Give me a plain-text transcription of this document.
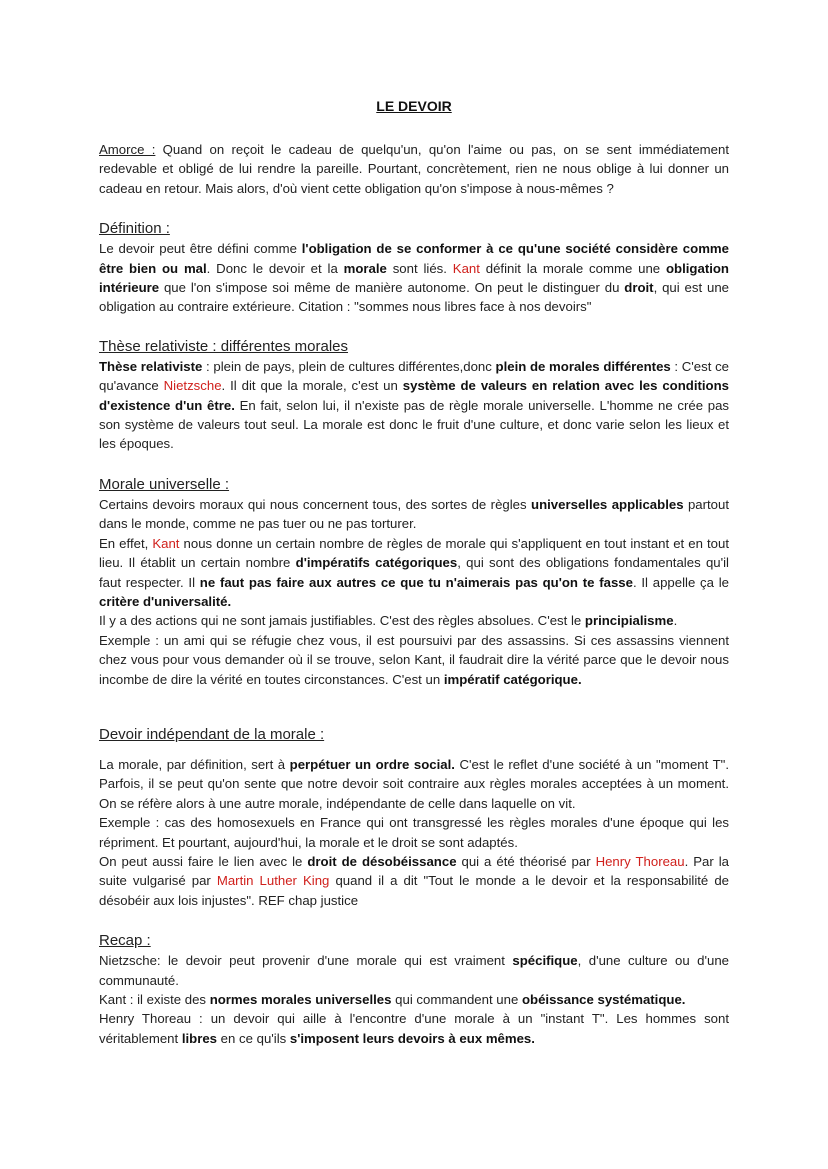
LE DEVOIR

Amorce : Quand on reçoit le cadeau de quelqu'un, qu'on l'aime ou pas, on se sent immédiatement redevable et obligé de lui rendre la pareille. Pourtant, concrètement, rien ne nous oblige à lui donner un cadeau en retour. Mais alors, d'où vient cette obligation qu'on s'impose à nous-mêmes ?

Définition :

Le devoir peut être défini comme l'obligation de se conformer à ce qu'une société considère comme être bien ou mal. Donc le devoir et la morale sont liés. Kant définit la morale comme une obligation intérieure que l'on s'impose soi même de manière autonome. On peut le distinguer du droit, qui est une obligation au contraire extérieure. Citation : "sommes nous libres face à nos devoirs"

Thèse relativiste : différentes morales

Thèse relativiste : plein de pays, plein de cultures différentes,donc plein de morales différentes : C'est ce qu'avance Nietzsche. Il dit que la morale, c'est un système de valeurs en relation avec les conditions d'existence d'un être. En fait, selon lui, il n'existe pas de règle morale universelle. L'homme ne crée pas son système de valeurs tout seul. La morale est donc le fruit d'une culture, et donc varie selon les lieux et les époques.

Morale universelle :

Certains devoirs moraux qui nous concernent tous, des sortes de règles universelles applicables partout dans le monde, comme ne pas tuer ou ne pas torturer.

En effet, Kant nous donne un certain nombre de règles de morale qui s'appliquent en tout instant et en tout lieu. Il établit un certain nombre d'impératifs catégoriques, qui sont des obligations fondamentales qu'il faut respecter. Il ne faut pas faire aux autres ce que tu n'aimerais pas qu'on te fasse. Il appelle ça le critère d'universalité.

Il y a des actions qui ne sont jamais justifiables. C'est des règles absolues. C'est le principialisme.

Exemple : un ami qui se réfugie chez vous, il est poursuivi par des assassins. Si ces assassins viennent chez vous pour vous demander où il se trouve, selon Kant, il faudrait dire la vérité parce que le devoir nous incombe de dire la vérité en toutes circonstances. C'est un impératif catégorique.

Devoir indépendant de la morale :

La morale, par définition, sert à perpétuer un ordre social. C'est le reflet d'une société à un "moment T". Parfois, il se peut qu'on sente que notre devoir soit contraire aux règles morales acceptées à un moment. On se réfère alors à une autre morale, indépendante de celle dans laquelle on vit.

Exemple : cas des homosexuels en France qui ont transgressé les règles morales d'une époque qui les répriment. Et pourtant, aujourd'hui, la morale et le droit se sont adaptés.

On peut aussi faire le lien avec le droit de désobéissance qui a été théorisé par Henry Thoreau. Par la suite vulgarisé par Martin Luther King quand il a dit "Tout le monde a le devoir et la responsabilité de désobéir aux lois injustes". REF chap justice

Recap :

Nietzsche: le devoir peut provenir d'une morale qui est vraiment spécifique, d'une culture ou d'une communauté.

Kant : il existe des normes morales universelles qui commandent une obéissance systématique.

Henry Thoreau : un devoir qui aille à l'encontre d'une morale à un "instant T". Les hommes sont véritablement libres en ce qu'ils s'imposent leurs devoirs à eux mêmes.
